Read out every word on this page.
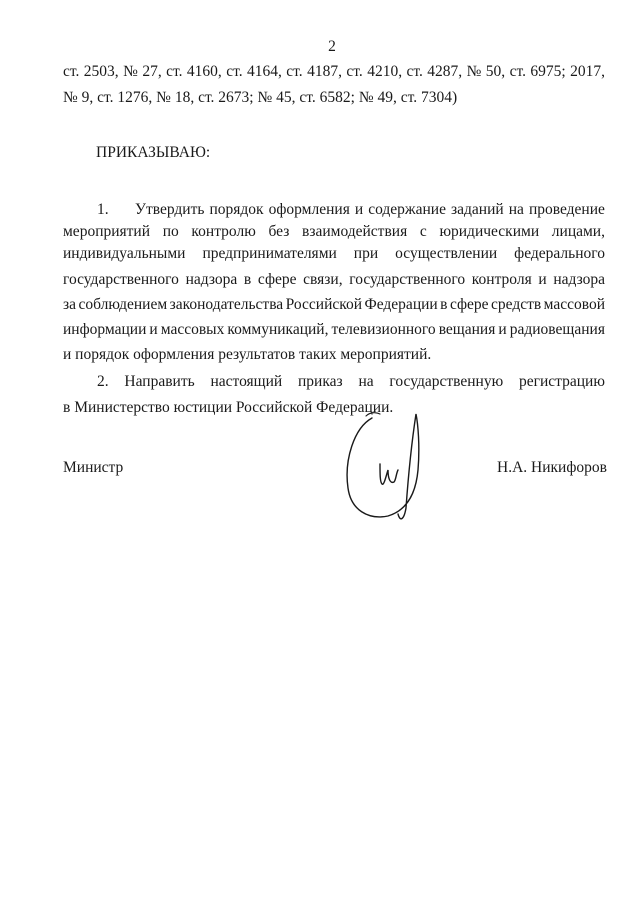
2
ст. 2503, № 27, ст. 4160, ст. 4164, ст. 4187, ст. 4210, ст. 4287, № 50, ст. 6975; 2017,
№ 9, ст. 1276, № 18, ст. 2673; № 45, ст. 6582; № 49, ст. 7304)
ПРИКАЗЫВАЮ:
1. Утвердить порядок оформления и содержание заданий на проведение
мероприятий по контролю без взаимодействия с юридическими лицами,
индивидуальными предпринимателями при осуществлении федерального
государственного надзора в сфере связи, государственного контроля и надзора
за соблюдением законодательства Российской Федерации в сфере средств массовой
информации и массовых коммуникаций, телевизионного вещания и радиовещания
и порядок оформления результатов таких мероприятий.
2. Направить настоящий приказ на государственную регистрацию
в Министерство юстиции Российской Федерации.
Министр	Н.А. Никифоров
